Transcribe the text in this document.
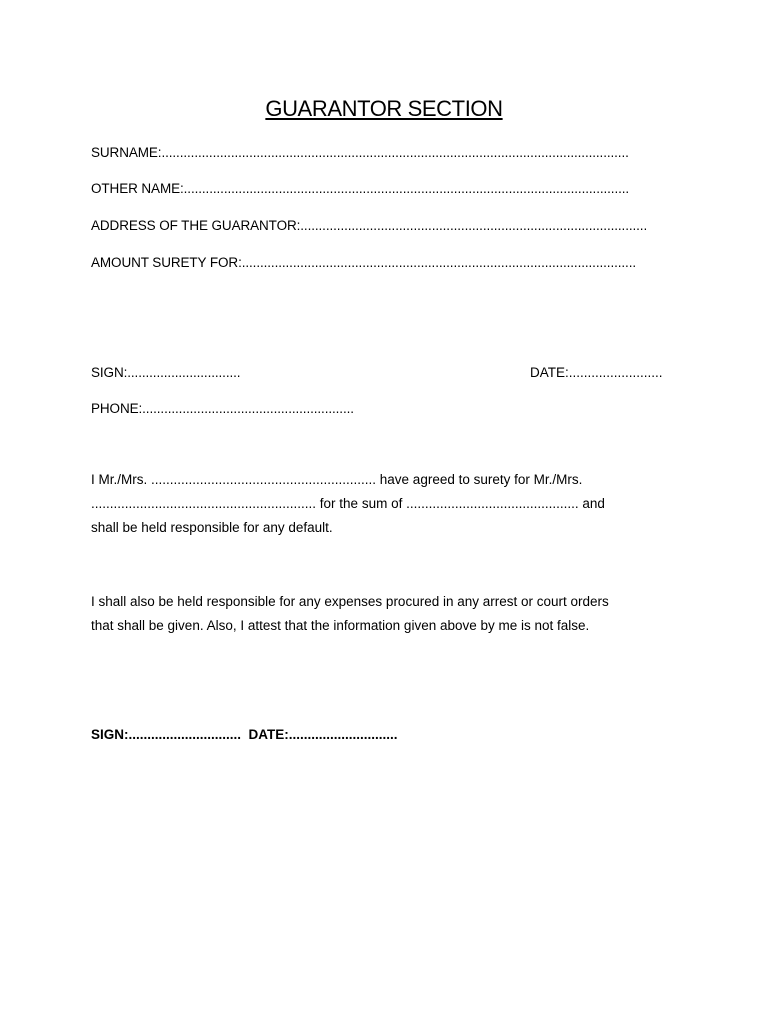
GUARANTOR SECTION
SURNAME:................................................................................................................................
OTHER NAME:..........................................................................................................................
ADDRESS OF THE GUARANTOR:...............................................................................................
AMOUNT SURETY FOR:............................................................................................................
SIGN:...............................	DATE:.........................
PHONE:..........................................................
I Mr./Mrs. ............................................................ have agreed to surety for Mr./Mrs.
............................................................ for the sum of .............................................. and
shall be held responsible for any default.
I shall also be held responsible for any expenses procured in any arrest or court orders
that shall be given. Also, I attest that the information given above by me is not false.
SIGN:.............................. DATE:.............................
